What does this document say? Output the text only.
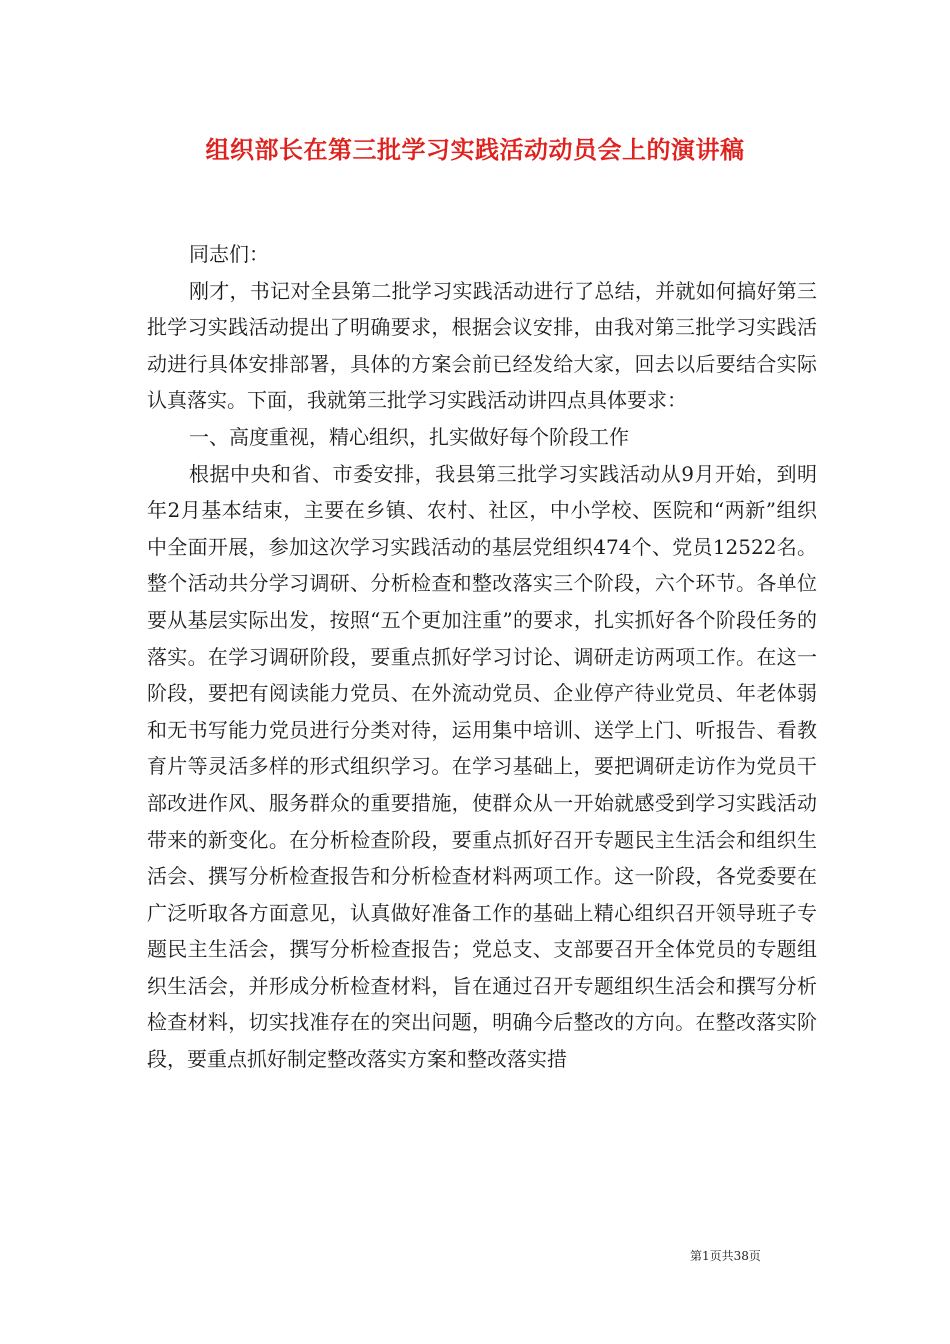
组织部长在第三批学习实践活动动员会上的演讲稿

同志们：

刚才，书记对全县第二批学习实践活动进行了总结，并就如何搞好第三批学习实践活动提出了明确要求，根据会议安排，由我对第三批学习实践活动进行具体安排部署，具体的方案会前已经发给大家，回去以后要结合实际认真落实。下面，我就第三批学习实践活动讲四点具体要求：

一、高度重视，精心组织，扎实做好每个阶段工作

根据中央和省、市委安排，我县第三批学习实践活动从9月开始，到明年2月基本结束，主要在乡镇、农村、社区，中小学校、医院和“两新”组织中全面开展，参加这次学习实践活动的基层党组织474个、党员12522名。整个活动共分学习调研、分析检查和整改落实三个阶段，六个环节。各单位要从基层实际出发，按照“五个更加注重”的要求，扎实抓好各个阶段任务的落实。在学习调研阶段，要重点抓好学习讨论、调研走访两项工作。在这一阶段，要把有阅读能力党员、在外流动党员、企业停产待业党员、年老体弱和无书写能力党员进行分类对待，运用集中培训、送学上门、听报告、看教育片等灵活多样的形式组织学习。在学习基础上，要把调研走访作为党员干部改进作风、服务群众的重要措施，使群众从一开始就感受到学习实践活动带来的新变化。在分析检查阶段，要重点抓好召开专题民主生活会和组织生活会、撰写分析检查报告和分析检查材料两项工作。这一阶段，各党委要在广泛听取各方面意见，认真做好准备工作的基础上精心组织召开领导班子专题民主生活会，撰写分析检查报告；党总支、支部要召开全体党员的专题组织生活会，并形成分析检查材料，旨在通过召开专题组织生活会和撰写分析检查材料，切实找准存在的突出问题，明确今后整改的方向。在整改落实阶段，要重点抓好制定整改落实方案和整改落实措

第1页共38页
